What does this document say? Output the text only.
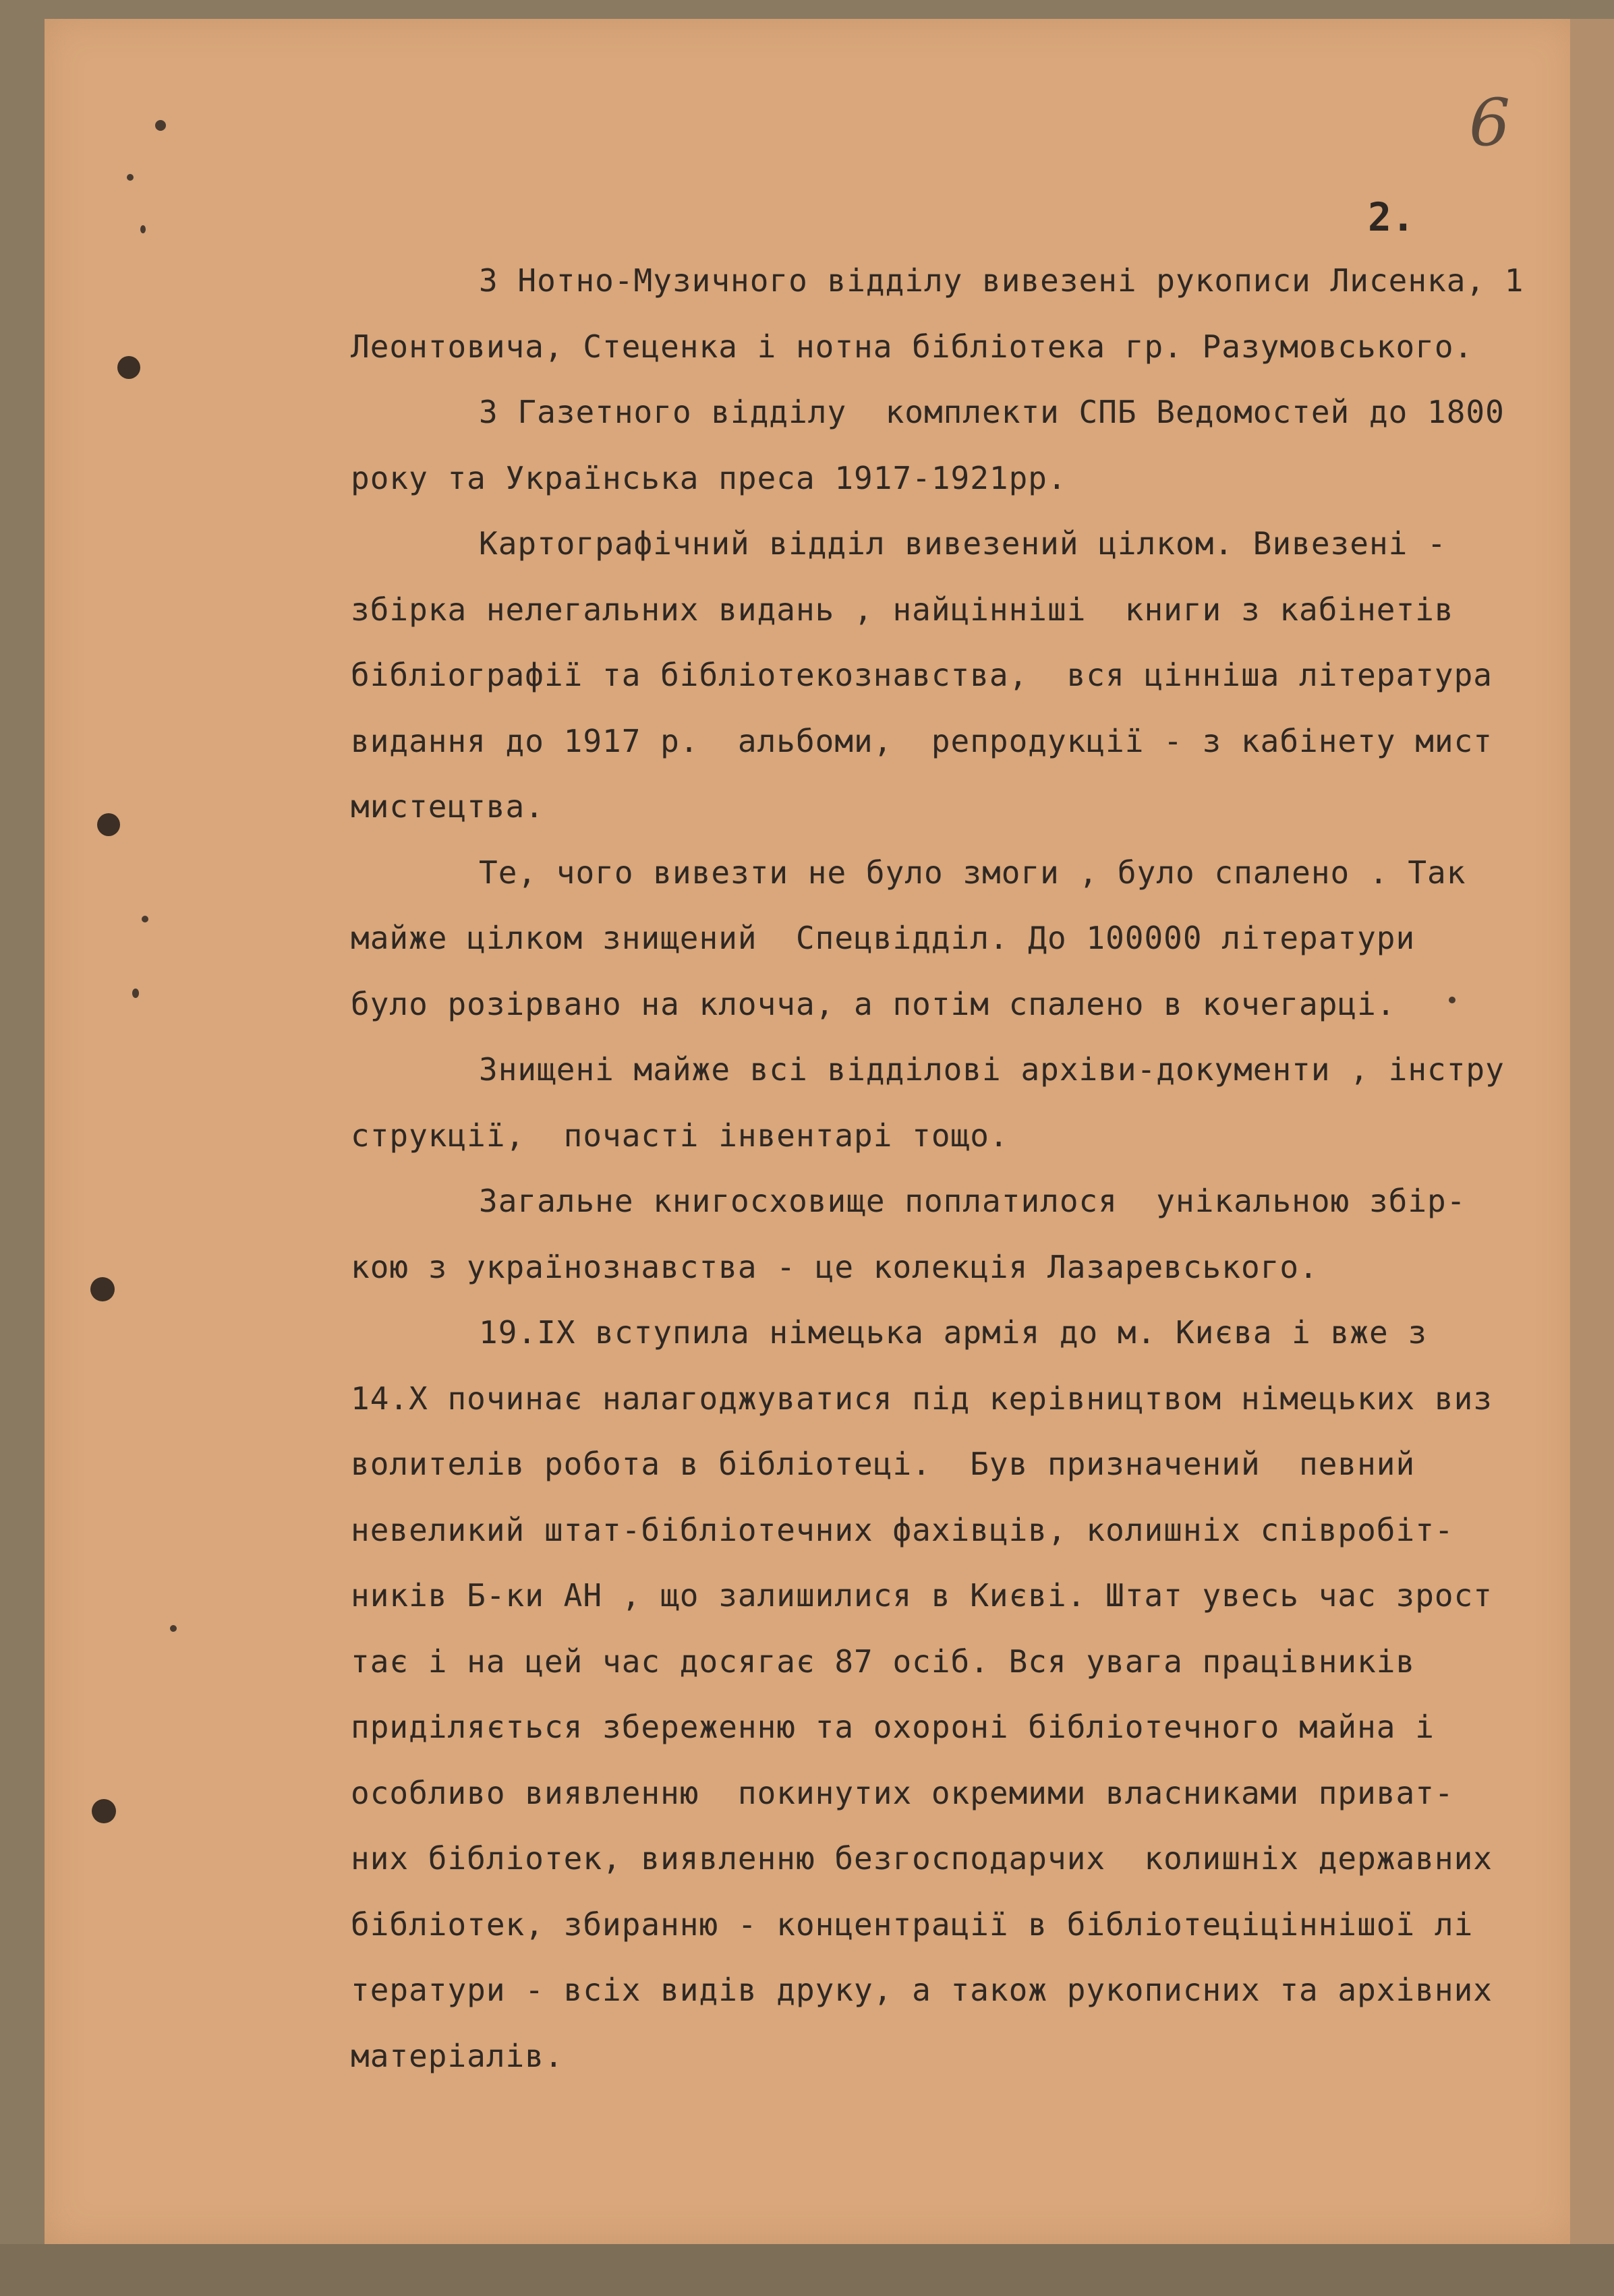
6
2.
З Нотно-Музичного відділу вивезені рукописи Лисенка, 1
Леонтовича, Стеценка і нотна бібліотека гр. Разумовського.
З Газетного відділу  комплекти СПБ Ведомостей до 1800
року та Українська преса 1917-1921рр.
Картографічний відділ вивезений цілком. Вивезені -
збірка нелегальних видань , найцінніші  книги з кабінетів
бібліографії та бібліотекознавства,  вся цінніша література
видання до 1917 р.  альбоми,  репродукції - з кабінету мист
мистецтва.
Те, чого вивезти не було змоги , було спалено . Так
майже цілком знищений  Спецвідділ. До 100000 літератури
було розірвано на клочча, а потім спалено в кочегарці.
Знищені майже всі відділові архіви-документи , інстру
струкції,  почасті інвентарі тощо.
Загальне книгосховище поплатилося  унікальною збір-
кою з українознавства - це колекція Лазаревського.
19.IX вступила німецька армія до м. Києва і вже з
14.X починає налагоджуватися під керівництвом німецьких виз
волителів робота в бібліотеці.  Був призначений  певний
невеликий штат-бібліотечних фахівців, колишніх співробіт-
ників Б-ки АН , що залишилися в Києві. Штат увесь час зрост
тає і на цей час досягає 87 осіб. Вся увага працівників
приділяється збереженню та охороні бібліотечного майна і
особливо виявленню  покинутих окремими власниками приват-
них бібліотек, виявленню безгосподарчих  колишніх державних
бібліотек, збиранню - концентрації в бібліотеціціннішої лі
тератури - всіх видів друку, а також рукописних та архівних
матеріалів.
